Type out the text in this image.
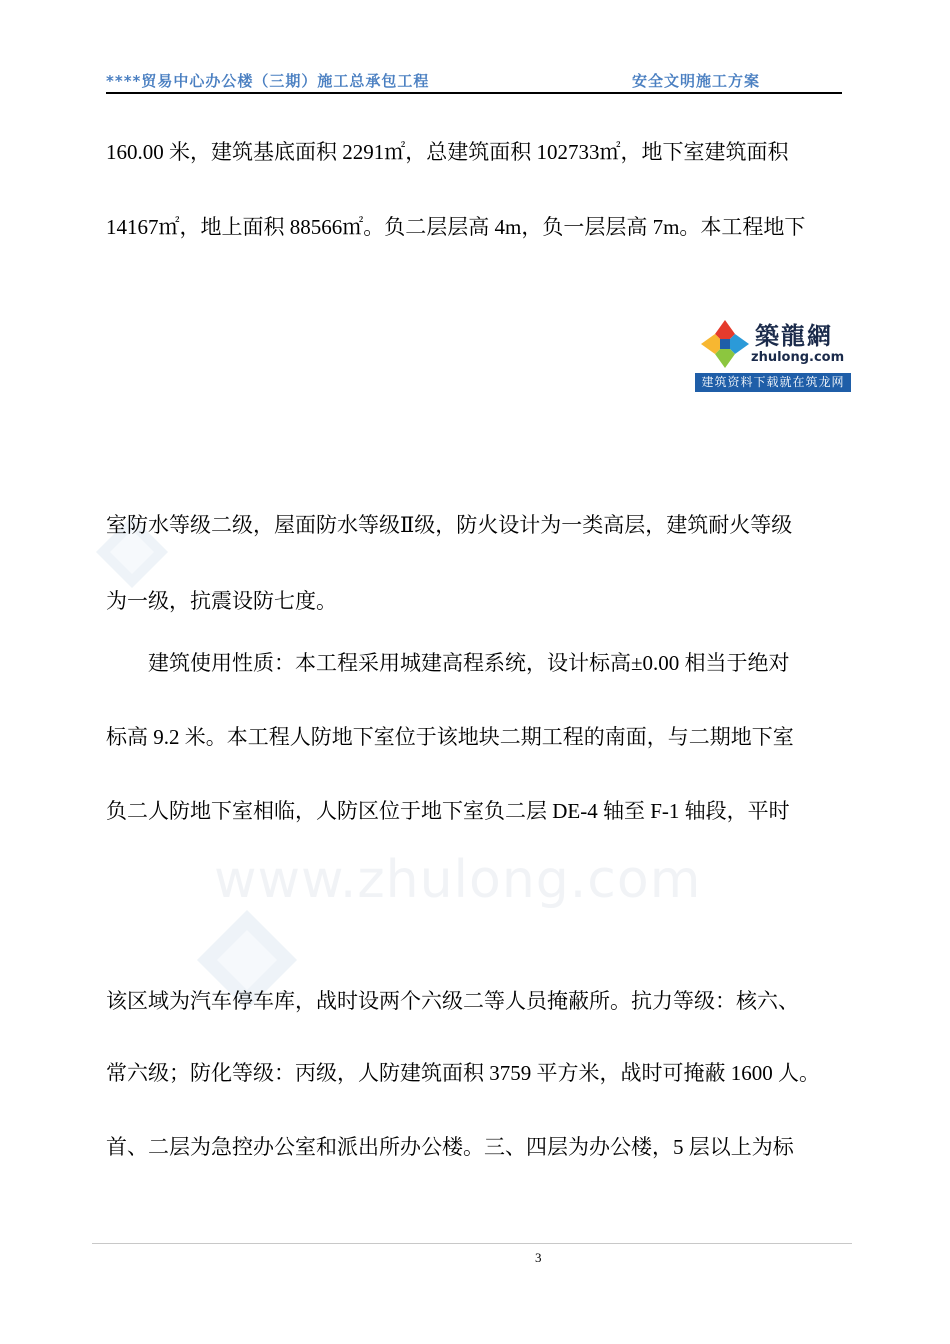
****贸易中心办公楼（三期）施工总承包工程	安全文明施工方案
www.zhulong.com
160.00 米，建筑基底面积 2291㎡，总建筑面积 102733㎡，地下室建筑面积
14167㎡，地上面积 88566㎡。负二层层高 4m，负一层层高 7m。本工程地下
築龍網
zhulong.com
建筑资料下载就在筑龙网
室防水等级二级，屋面防水等级Ⅱ级，防火设计为一类高层，建筑耐火等级
为一级，抗震设防七度。
建筑使用性质：本工程采用城建高程系统，设计标高±0.00 相当于绝对
标高 9.2 米。本工程人防地下室位于该地块二期工程的南面，与二期地下室
负二人防地下室相临，人防区位于地下室负二层 DE-4 轴至 F-1 轴段，平时
该区域为汽车停车库，战时设两个六级二等人员掩蔽所。抗力等级：核六、
常六级；防化等级：丙级，人防建筑面积 3759 平方米，战时可掩蔽 1600 人。
首、二层为急控办公室和派出所办公楼。三、四层为办公楼，5 层以上为标
3
